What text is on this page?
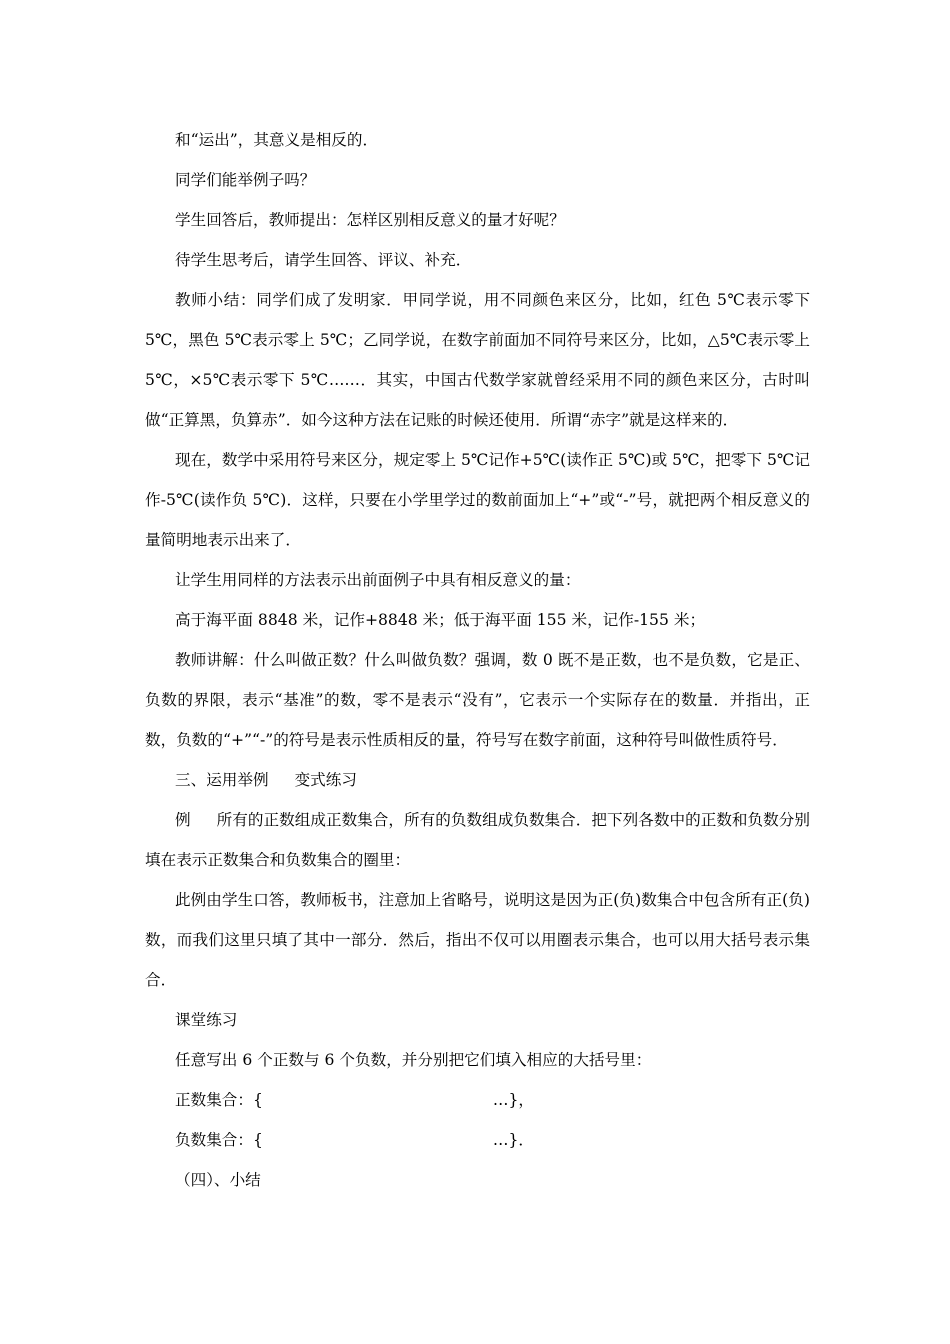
和“运出”，其意义是相反的．

同学们能举例子吗？

学生回答后，教师提出：怎样区别相反意义的量才好呢？

待学生思考后，请学生回答、评议、补充．

教师小结：同学们成了发明家．甲同学说，用不同颜色来区分，比如，红色 5℃表示零下 5℃，黑色 5℃表示零上 5℃；乙同学说，在数字前面加不同符号来区分，比如，△5℃表示零上 5℃，×5℃表示零下 5℃……．其实，中国古代数学家就曾经采用不同的颜色来区分，古时叫做“正算黑，负算赤”．如今这种方法在记账的时候还使用．所谓“赤字”就是这样来的．

现在，数学中采用符号来区分，规定零上 5℃记作+5℃(读作正 5℃)或 5℃，把零下 5℃记作-5℃(读作负 5℃)．这样，只要在小学里学过的数前面加上“+”或“-”号，就把两个相反意义的量简明地表示出来了．

让学生用同样的方法表示出前面例子中具有相反意义的量：

高于海平面 8848 米，记作+8848 米；低于海平面 155 米，记作-155 米；

教师讲解：什么叫做正数？什么叫做负数？强调，数 0 既不是正数，也不是负数，它是正、负数的界限，表示“基准”的数，零不是表示“没有”，它表示一个实际存在的数量．并指出，正数，负数的“+”“-”的符号是表示性质相反的量，符号写在数字前面，这种符号叫做性质符号．

三、运用举例 变式练习

例 所有的正数组成正数集合，所有的负数组成负数集合．把下列各数中的正数和负数分别填在表示正数集合和负数集合的圈里：

此例由学生口答，教师板书，注意加上省略号，说明这是因为正(负)数集合中包含所有正(负)数，而我们这里只填了其中一部分．然后，指出不仅可以用圈表示集合，也可以用大括号表示集合．

课堂练习

任意写出 6 个正数与 6 个负数，并分别把它们填入相应的大括号里：

正数集合：{	…}，

负数集合：{	…}．

（四）、小结
